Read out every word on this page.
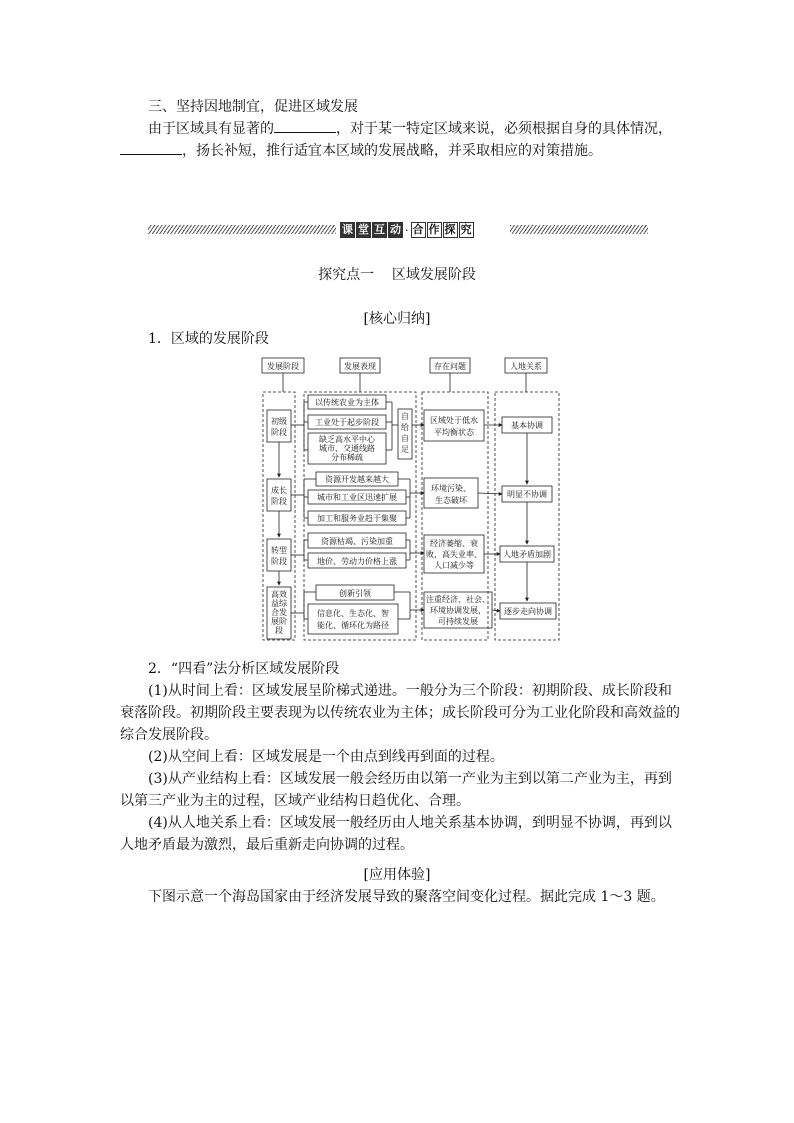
三、坚持因地制宜，促进区域发展
由于区域具有显著的	，对于某一特定区域来说，必须根据自身的具体情况，
，扬长补短，推行适宜本区域的发展战略，并采取相应的对策措施。
课 堂 互 动 · 合 作 探 究
探究点一    区域发展阶段
[核心归纳]
1．区域的发展阶段
发展阶段	发展表现	存在问题	人地关系
初级
阶段
成长
阶段
转型
阶段
高效
益综
合发
展阶
段
以传统农业为主体
工业处于起步阶段
缺乏高水平中心
城市、交通线路
分布稀疏
自
给
自
足
资源开发越来越大
城市和工业区迅速扩展
加工和服务业趋于集聚
资源枯竭、污染加重
地价、劳动力价格上涨
创新引领
信息化、生态化、智
能化、循环化为路径
区域处于低水
平均衡状态
环境污染、
生态破坏
经济萎缩、衰
败，高失业率、
人口减少等
注重经济、社会、
环境协调发展，
可持续发展
基本协调
明显不协调
人地矛盾加剧
逐步走向协调
2．“四看”法分析区域发展阶段
(1)从时间上看：区域发展呈阶梯式递进。一般分为三个阶段：初期阶段、成长阶段和
衰落阶段。初期阶段主要表现为以传统农业为主体；成长阶段可分为工业化阶段和高效益的
综合发展阶段。
(2)从空间上看：区域发展是一个由点到线再到面的过程。
(3)从产业结构上看：区域发展一般会经历由以第一产业为主到以第二产业为主，再到
以第三产业为主的过程，区域产业结构日趋优化、合理。
(4)从人地关系上看：区域发展一般经历由人地关系基本协调，到明显不协调，再到以
人地矛盾最为激烈，最后重新走向协调的过程。
[应用体验]
下图示意一个海岛国家由于经济发展导致的聚落空间变化过程。据此完成 1～3 题。
